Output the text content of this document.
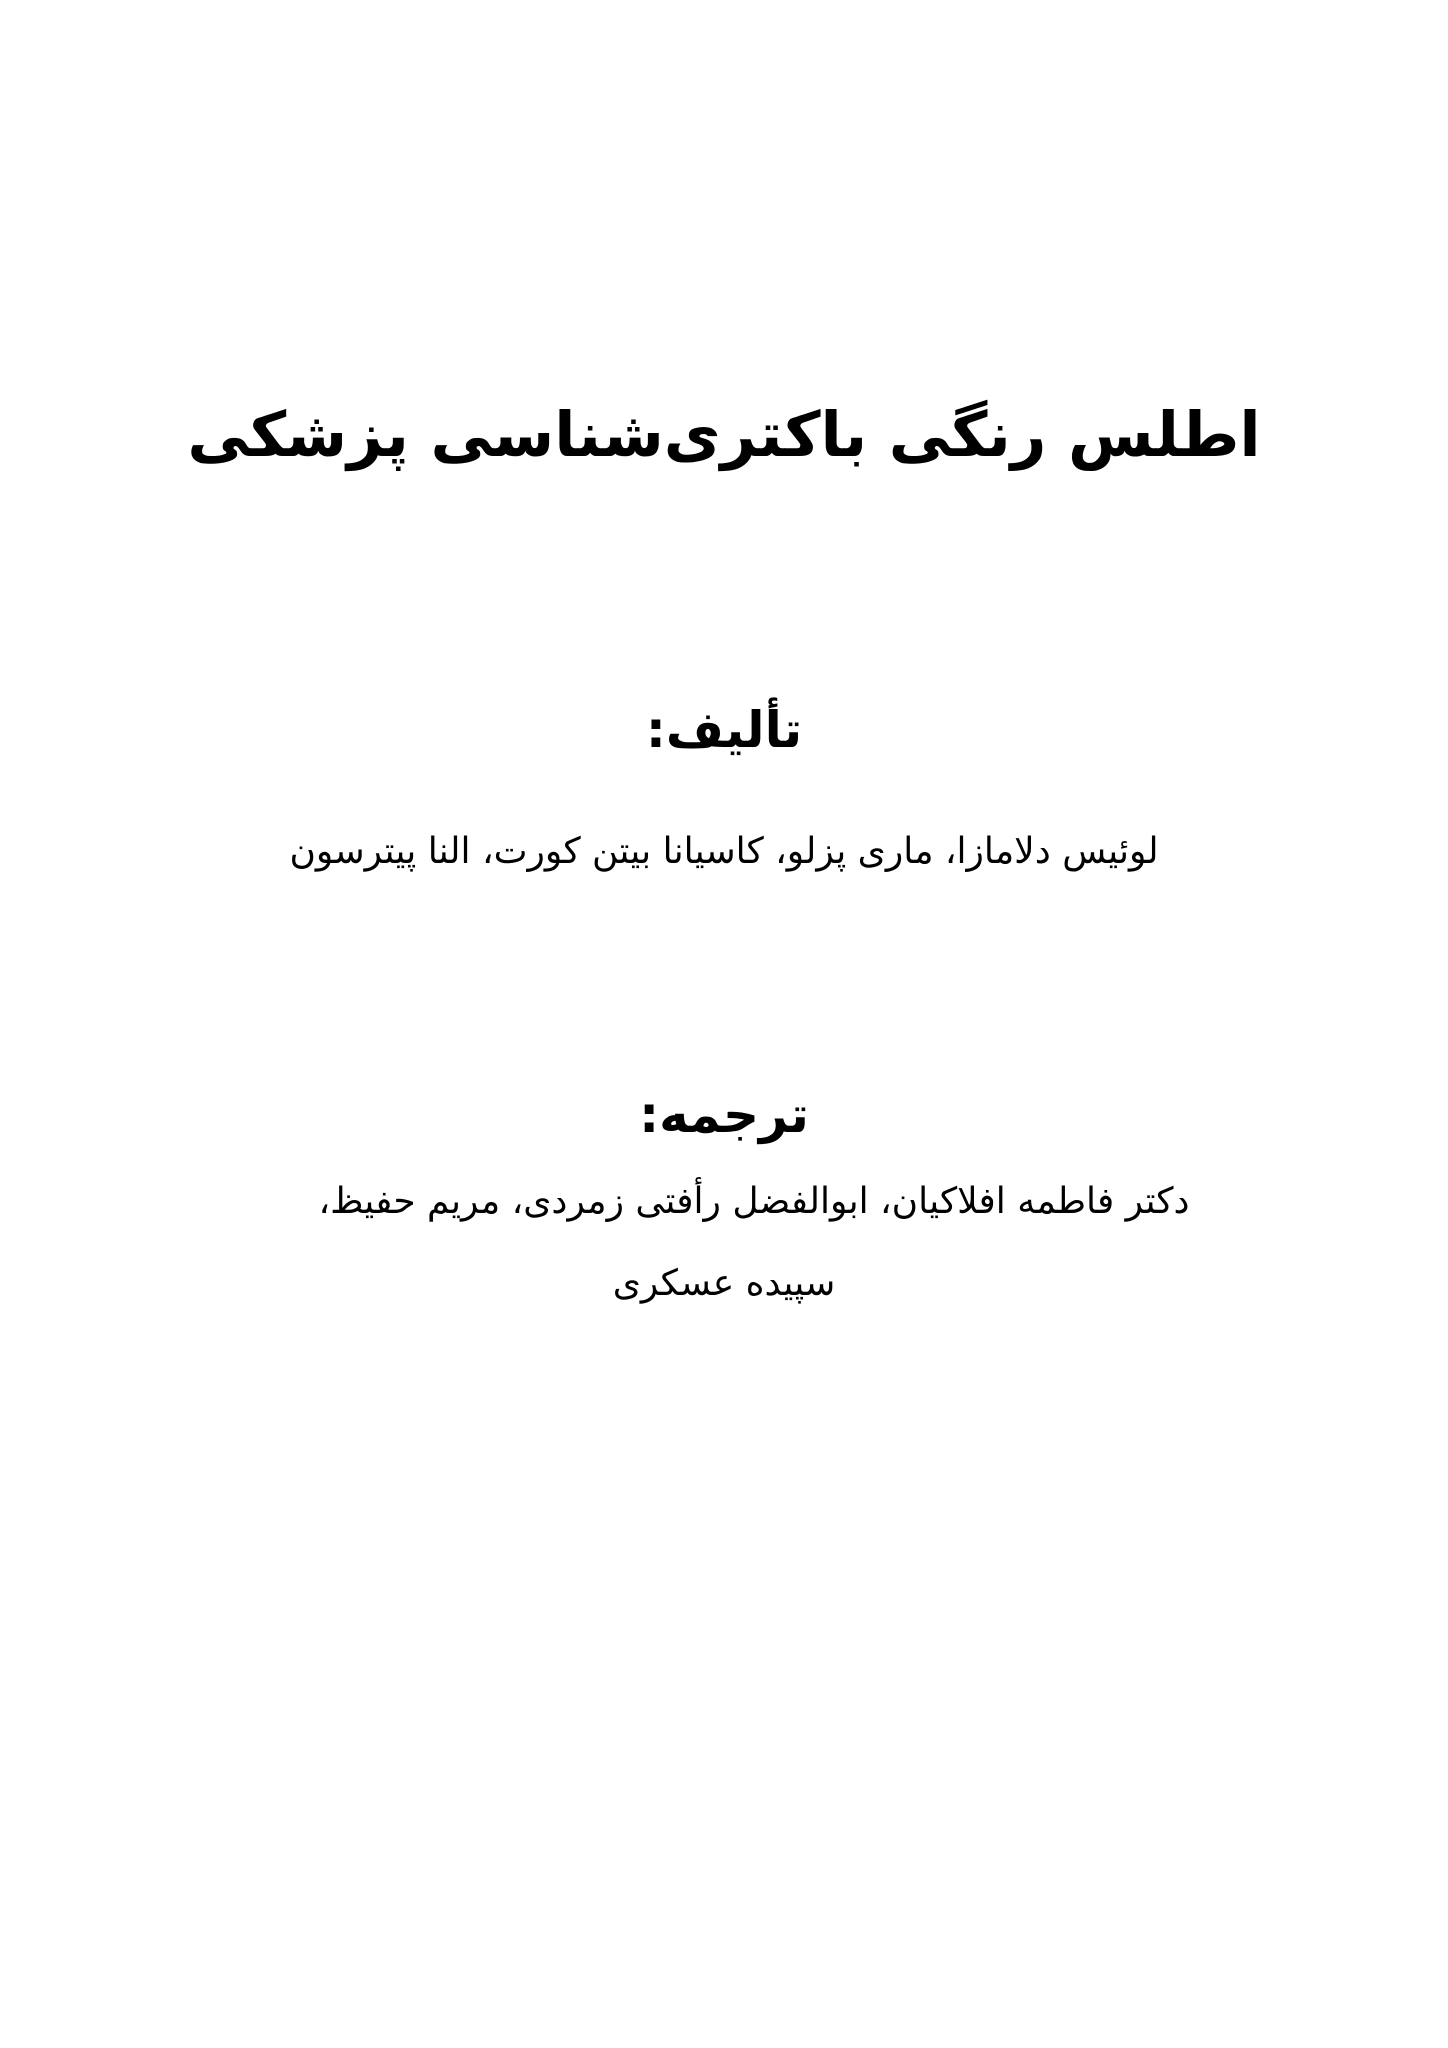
اطلس رنگی باکتری‌شناسی پزشکی
تألیف:
لوئیس دلامازا، ماری پزلو، کاسیانا بیتن کورت، النا پیترسون
ترجمه:
دکتر فاطمه افلاکیان، ابوالفضل رأفتی زمردی، مریم حفیظ،
سپیده عسکری
